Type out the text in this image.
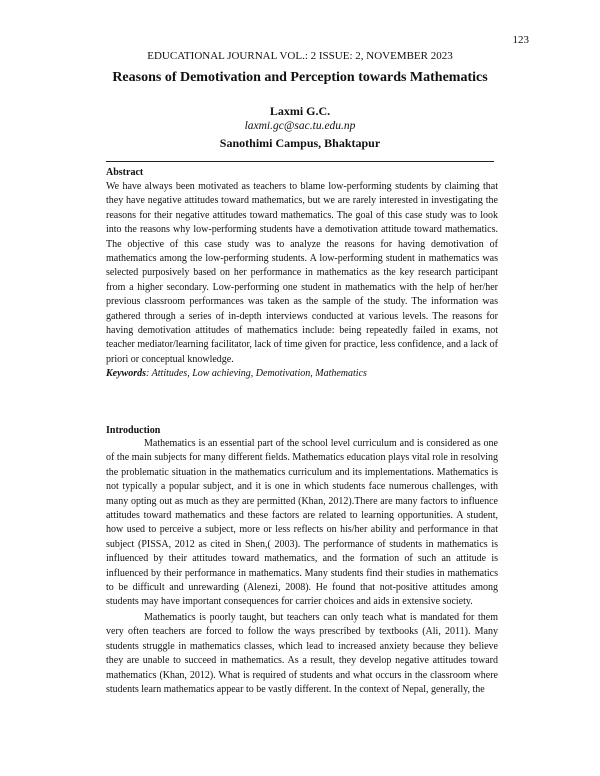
123
EDUCATIONAL JOURNAL VOL.: 2 ISSUE: 2, NOVEMBER 2023
Reasons of Demotivation and Perception towards Mathematics
Laxmi G.C.
laxmi.gc@sac.tu.edu.np
Sanothimi Campus, Bhaktapur
Abstract
We have always been motivated as teachers to blame low-performing students by claiming that they have negative attitudes toward mathematics, but we are rarely interested in investigating the reasons for their negative attitudes toward mathematics. The goal of this case study was to look into the reasons why low-performing students have a demotivation attitude toward mathematics. The objective of this case study was to analyze the reasons for having demotivation of mathematics among the low-performing students. A low-performing student in mathematics was selected purposively based on her performance in mathematics as the key research participant from a higher secondary. Low-performing one student in mathematics with the help of her/her previous classroom performances was taken as the sample of the study. The information was gathered through a series of in-depth interviews conducted at various levels. The reasons for having demotivation attitudes of mathematics include: being repeatedly failed in exams, not teacher mediator/learning facilitator, lack of time given for practice, less confidence, and a lack of priori or conceptual knowledge.
Keywords: Attitudes, Low achieving, Demotivation, Mathematics
Introduction
Mathematics is an essential part of the school level curriculum and is considered as one of the main subjects for many different fields. Mathematics education plays vital role in resolving the problematic situation in the mathematics curriculum and its implementations. Mathematics is not typically a popular subject, and it is one in which students face numerous challenges, with many opting out as much as they are permitted (Khan, 2012).There are many factors to influence attitudes toward mathematics and these factors are related to learning opportunities. A student, how used to perceive a subject, more or less reflects on his/her ability and performance in that subject (PISSA, 2012 as cited in Shen,( 2003). The performance of students in mathematics is influenced by their attitudes toward mathematics, and the formation of such an attitude is influenced by their performance in mathematics. Many students find their studies in mathematics to be difficult and unrewarding (Alenezi, 2008). He found that not-positive attitudes among students may have important consequences for carrier choices and aids in extensive society.
Mathematics is poorly taught, but teachers can only teach what is mandated for them very often teachers are forced to follow the ways prescribed by textbooks (Ali, 2011). Many students struggle in mathematics classes, which lead to increased anxiety because they believe they are unable to succeed in mathematics. As a result, they develop negative attitudes toward mathematics (Khan, 2012). What is required of students and what occurs in the classroom where students learn mathematics appear to be vastly different. In the context of Nepal, generally, the
